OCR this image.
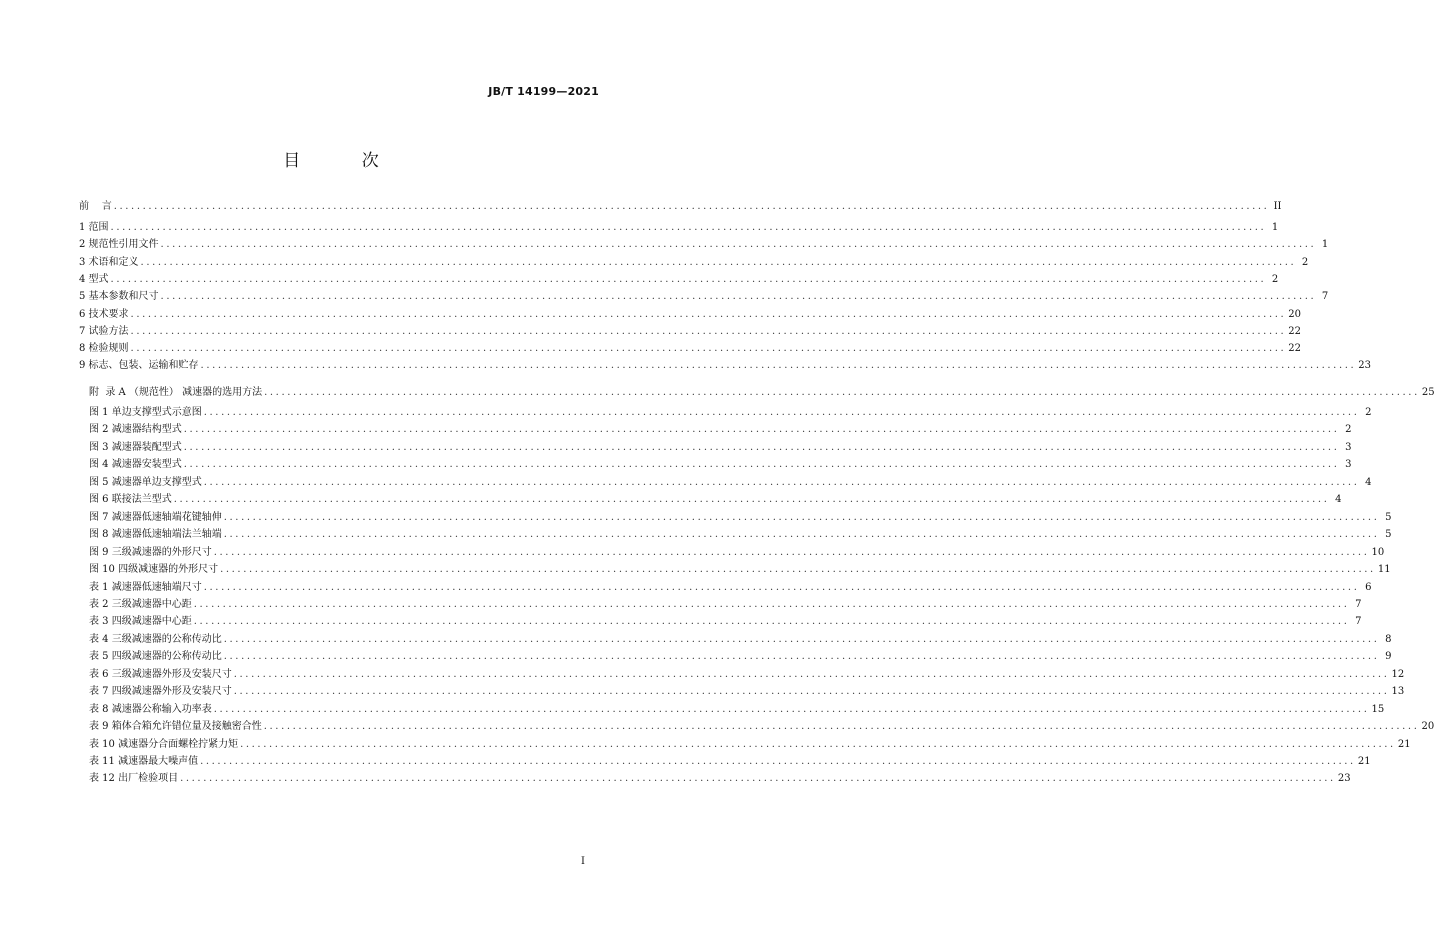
JB/T 14199—2021
目 次
前    言 ........................................................................................................................................................................................................ II
1 范围 ........................................................................................................................................................................................................ 1
2 规范性引用文件 ........................................................................................................................................................................................................ 1
3 术语和定义 ........................................................................................................................................................................................................ 2
4 型式 ........................................................................................................................................................................................................ 2
5 基本参数和尺寸 ........................................................................................................................................................................................................ 7
6 技术要求 ........................................................................................................................................................................................................ 20
7 试验方法 ........................................................................................................................................................................................................ 22
8 检验规则 ........................................................................................................................................................................................................ 22
9 标志、包装、运输和贮存 ........................................................................................................................................................................................................ 23
附  录 A （规范性） 减速器的选用方法 ........................................................................................................................................................................................................ 25
图 1 单边支撑型式示意图 ........................................................................................................................................................................................................ 2
图 2 减速器结构型式 ........................................................................................................................................................................................................ 2
图 3 减速器装配型式 ........................................................................................................................................................................................................ 3
图 4 减速器安装型式 ........................................................................................................................................................................................................ 3
图 5 减速器单边支撑型式 ........................................................................................................................................................................................................ 4
图 6 联接法兰型式 ........................................................................................................................................................................................................ 4
图 7 减速器低速轴端花键轴伸 ........................................................................................................................................................................................................ 5
图 8 减速器低速轴端法兰轴端 ........................................................................................................................................................................................................ 5
图 9 三级减速器的外形尺寸 ........................................................................................................................................................................................................ 10
图 10 四级减速器的外形尺寸 ........................................................................................................................................................................................................ 11
表 1 减速器低速轴端尺寸 ........................................................................................................................................................................................................ 6
表 2 三级减速器中心距 ........................................................................................................................................................................................................ 7
表 3 四级减速器中心距 ........................................................................................................................................................................................................ 7
表 4 三级减速器的公称传动比 ........................................................................................................................................................................................................ 8
表 5 四级减速器的公称传动比 ........................................................................................................................................................................................................ 9
表 6 三级减速器外形及安装尺寸 ........................................................................................................................................................................................................ 12
表 7 四级减速器外形及安装尺寸 ........................................................................................................................................................................................................ 13
表 8 减速器公称输入功率表 ........................................................................................................................................................................................................ 15
表 9 箱体合箱允许错位量及接触密合性 ........................................................................................................................................................................................................ 20
表 10 减速器分合面螺栓拧紧力矩 ........................................................................................................................................................................................................ 21
表 11 减速器最大噪声值 ........................................................................................................................................................................................................ 21
表 12 出厂检验项目 ........................................................................................................................................................................................................ 23
I
